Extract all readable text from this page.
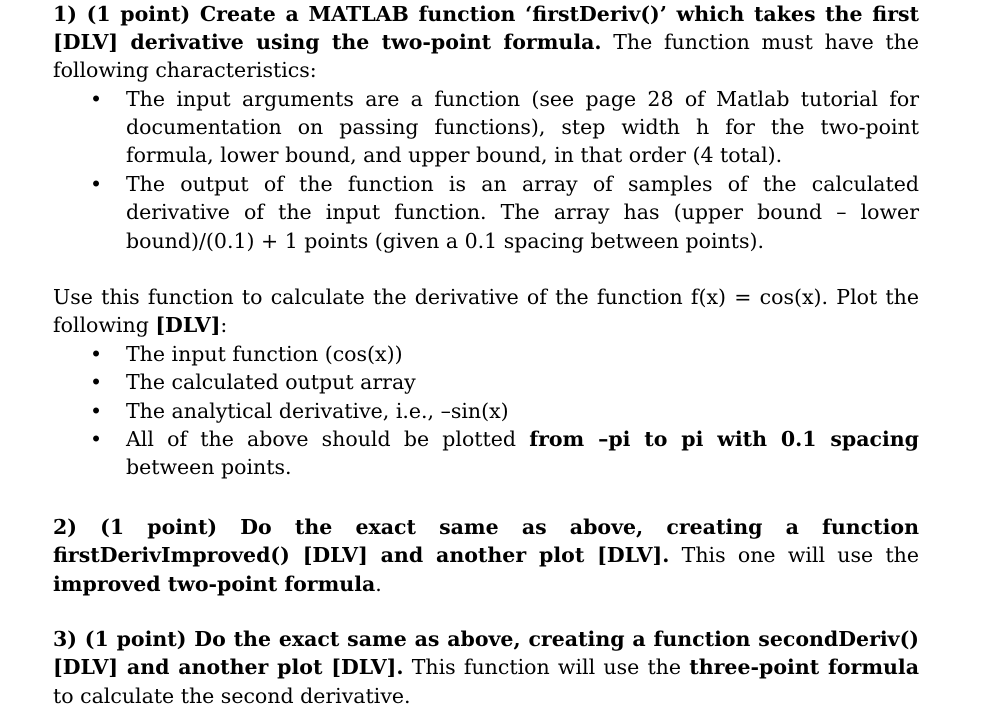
1) (1 point) Create a MATLAB function ‘firstDeriv()’ which takes the first [DLV] derivative using the two-point formula. The function must have the following characteristics:

• The input arguments are a function (see page 28 of Matlab tutorial for documentation on passing functions), step width h for the two-point formula, lower bound, and upper bound, in that order (4 total).
• The output of the function is an array of samples of the calculated derivative of the input function. The array has (upper bound – lower bound)/(0.1) + 1 points (given a 0.1 spacing between points).

Use this function to calculate the derivative of the function f(x) = cos(x). Plot the following [DLV]:

• The input function (cos(x))
• The calculated output array
• The analytical derivative, i.e., –sin(x)
• All of the above should be plotted from –pi to pi with 0.1 spacing between points.

2) (1 point) Do the exact same as above, creating a function firstDerivImproved() [DLV] and another plot [DLV]. This one will use the improved two-point formula.

3) (1 point) Do the exact same as above, creating a function secondDeriv() [DLV] and another plot [DLV]. This function will use the three-point formula to calculate the second derivative.
